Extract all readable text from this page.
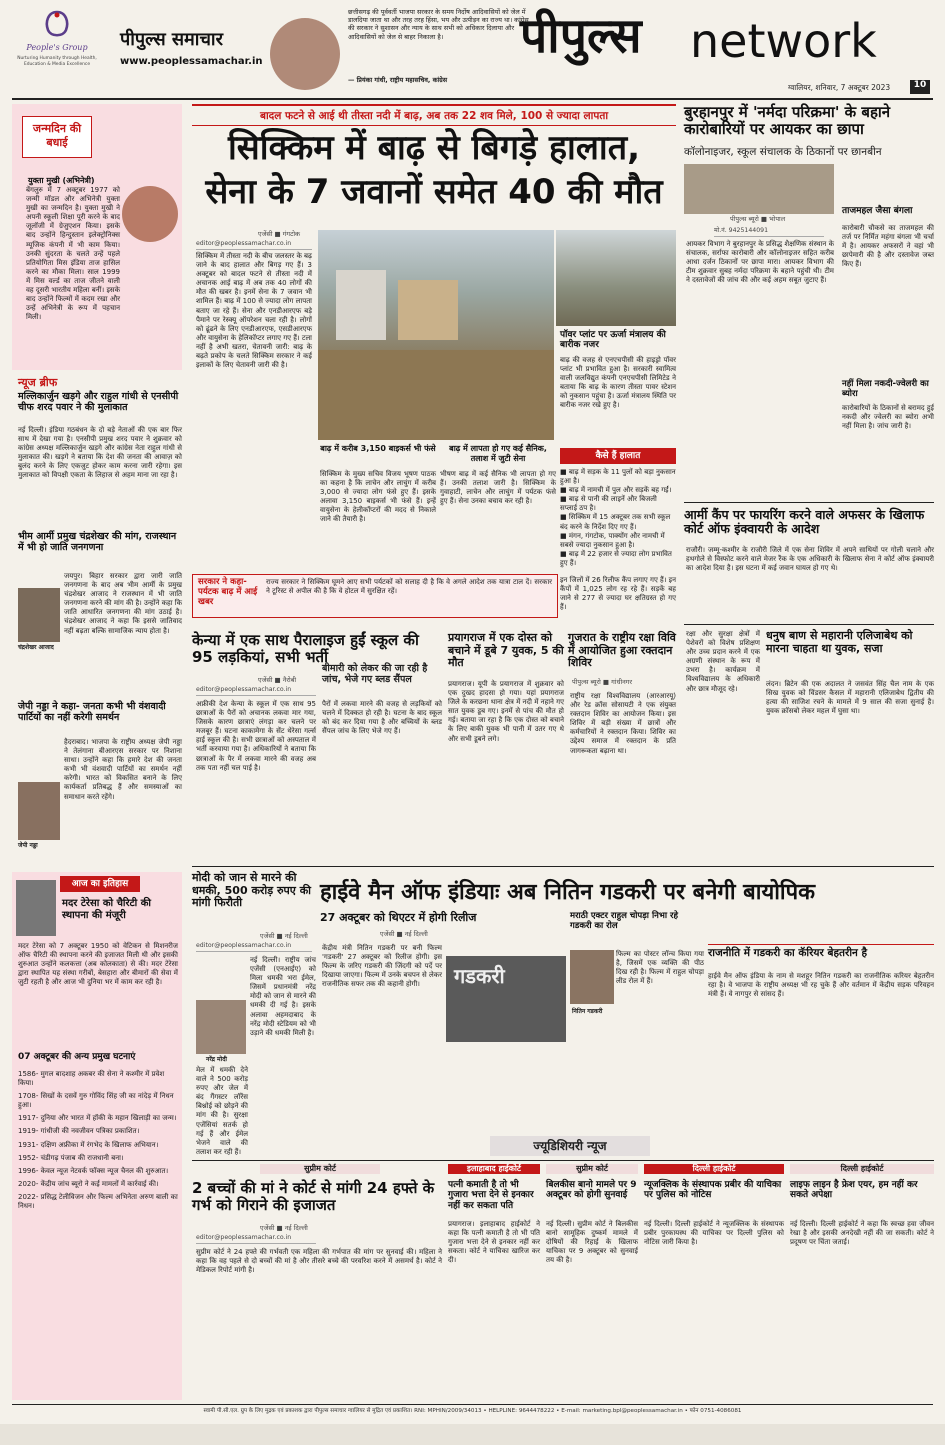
People's Group
Nurturing Humanity through Health, Education & Media Excellence
पीपुल्स समाचार
www.peoplessamachar.in
छत्तीसगढ़ की पूर्ववर्ती भाजपा सरकार के समय निर्दोष आदिवासियों को जेल में डालदिया जाता था और तरह तरह हिंसा, भय और उत्पीड़न का राज्य था। कांग्रेस की सरकार ने सुशासन और न्याय के साथ सभी को अधिकार दिलाया और आदिवासियों को जेल से बाहर निकाला है।
— प्रियंका गांधी, राष्ट्रीय महासचिव, कांग्रेस
पीपुल्स network
ग्वालियर, शनिवार, 7 अक्टूबर 2023	10
जन्मदिन की बधाई
युक्ता मुखी (अभिनेत्री)
बेंगलुरु में 7 अक्टूबर 1977 को जन्मी मॉडल और अभिनेत्री युक्ता मुखी का जन्मदिन है। युक्ता मुखी ने अपनी स्कूली शिक्षा पूरी करने के बाद जूलॉजी में ग्रेजुएशन किया। इसके बाद उन्होंने हिन्दुस्तान इलेक्ट्रोनिक्स म्यूजिक कंपनी में भी काम किया। उनकी सुंदरता के चलते उन्हें पहले प्रतियोगिता मिस इंडिया ताज हासिल करने का मौका मिला। साल 1999 में मिस वर्ल्ड का ताज जीतने वाली वह दूसरी भारतीय महिला बनीं। इसके बाद उन्होंने फिल्मों में कदम रखा और उन्हें अभिनेत्री के रूप में पहचान मिली।
न्यूज ब्रीफ
मल्लिकार्जुन खड़गे और राहुल गांधी से एनसीपी चीफ शरद पवार ने की मुलाकात
नई दिल्ली। इंडिया गठबंधन के दो बड़े नेताओं की एक बार फिर साथ में देखा गया है। एनसीपी प्रमुख शरद पवार ने शुक्रवार को कांग्रेस अध्यक्ष मल्लिकार्जुन खड़गे और कांग्रेस नेता राहुल गांधी से मुलाकात की। खड़गे ने बताया कि देश की जनता की आवाज़ को बुलंद करने के लिए एकजुट होकर काम करना जारी रहेगा। इस मुलाकात को विपक्षी एकता के लिहाज से अहम माना जा रहा है।
भीम आर्मी प्रमुख चंद्रशेखर की मांग, राजस्थान में भी हो जाति जनगणना
चंद्रशेखर आजाद
जयपुर। बिहार सरकार द्वारा जारी जाति जनगणना के बाद अब भीम आर्मी के प्रमुख चंद्रशेखर आजाद ने राजस्थान में भी जाति जनगणना करने की मांग की है। उन्होंने कहा कि जाति आधारित जनगणना की मांग उठाई है। चंद्रशेखर आजाद ने कहा कि इससे जातिवाद नहीं बढ़ता बल्कि सामाजिक न्याय होता है।
जेपी नड्डा ने कहा- जनता कभी भी वंशवादी पार्टियों का नहीं करेगी समर्थन
जेपी नड्डा
हैदराबाद। भाजपा के राष्ट्रीय अध्यक्ष जेपी नड्डा ने तेलंगाना बीआरएस सरकार पर निशाना साधा। उन्होंने कहा कि हमारे देश की जनता कभी भी वंशवादी पार्टियों का समर्थन नहीं करेगी। भारत को विकसित बनाने के लिए कार्यकर्ता प्रतिबद्ध हैं और समस्याओं का समाधान करते रहेंगे।
आज का इतिहास
मदर टेरेसा को चैरिटी की स्थापना की मंजूरी
मदर टेरेसा को 7 अक्टूबर 1950 को वेटिकन से मिशनरीज ऑफ चैरिटी की स्थापना करने की इजाजत मिली थी और इसकी शुरुआत उन्होंने कलकत्ता (अब कोलकाता) से की। मदर टेरेसा द्वारा स्थापित यह संस्था गरीबों, बेसहारा और बीमारों की सेवा में जुटी रहती है और आज भी दुनिया भर में काम कर रही है।
07 अक्टूबर की अन्य प्रमुख घटनाएं
1586- मुगल बादशाह अकबर की सेना ने कश्मीर में प्रवेश किया।
1708- सिखों के दसवें गुरु गोविंद सिंह जी का नांदेड़ में निधन हुआ।
1917- दुनिया और भारत में हॉकी के महान खिलाड़ी का जन्म।
1919- गांधीजी की नवजीवन पत्रिका प्रकाशित।
1931- दक्षिण अफ्रीका में रंगभेद के खिलाफ अभियान।
1952- चंडीगढ़ पंजाब की राजधानी बना।
1996- केवल न्यूज नेटवर्क फॉक्स न्यूज चैनल की शुरुआत।
2020- केंद्रीय जांच ब्यूरो ने कई मामलों में कार्रवाई की।
2022- प्रसिद्ध टेलीविजन और फिल्म अभिनेता अरुण बाली का निधन।
बादल फटने से आई थी तीस्ता नदी में बाढ़, अब तक 22 शव मिले, 100 से ज्यादा लापता
सिक्किम में बाढ़ से बिगड़े हालात,
सेना के 7 जवानों समेत 40 की मौत
एजेंसी ■ गंगटोक
editor@peoplessamachar.co.in
सिक्किम में तीस्ता नदी के बीच जलस्तर के बढ़ जाने के बाद हालात और बिगड़ गए हैं। 3 अक्टूबर को बादल फटने से तीस्ता नदी में अचानक आई बाढ़ में अब तक 40 लोगों की मौत की खबर है। इनमें सेना के 7 जवान भी शामिल हैं। बाढ़ में 100 से ज्यादा लोग लापता बताए जा रहे हैं। सेना और एनडीआरएफ बड़े पैमाने पर रेस्क्यू ऑपरेशन चला रही है। लोगों को ढूंढने के लिए एनडीआरएफ, एसडीआरएफ और वायुसेना के हेलिकॉप्टर लगाए गए हैं। टला नहीं है अभी खतरा, चेतावनी जारी: बाढ़ के बढ़ते प्रकोप के चलते सिक्किम सरकार ने कई इलाकों के लिए चेतावनी जारी की है।
बाढ़ में करीब 3,150 बाइकर्स भी फंसे	बाढ़ में लापता हो गए कई सैनिक, तलाश में जुटी सेना
सिक्किम के मुख्य सचिव विजय भूषण पाठक का कहना है कि लाचेन और लाचुंग में करीब 3,000 से ज्यादा लोग फंसे हुए हैं। इसके अलावा 3,150 बाइकर्स भी फंसे हैं। इन्हें वायुसेना के हेलीकॉप्टरों की मदद से निकाले जाने की तैयारी है।
भीषण बाढ़ में कई सैनिक भी लापता हो गए हैं। उनकी तलाश जारी है। सिक्किम के गुवाहाटी, लाचेन और लाचुंग में पर्यटक फंसे हुए हैं। सेना उनका बचाव कर रही है।
पॉवर प्लांट पर ऊर्जा मंत्रालय की बारीक नजर
बाढ़ की वजह से एनएचपीसी की हाइड्रो पॉवर प्लांट भी प्रभावित हुआ है। सरकारी स्वामित्व वाली जलविद्युत कंपनी एनएचपीसी लिमिटेड ने बताया कि बाढ़ के कारण तीस्ता पावर स्टेशन को नुकसान पहुंचा है। ऊर्जा मंत्रालय स्थिति पर बारीक नजर रखे हुए है।
कैसे हैं हालात
■ बाढ़ में सड़क के 11 पुलों को बड़ा नुकसान हुआ है।
■ बाढ़ में नामची में पुल और सड़कें बह गईं।
■ बाढ़ से पानी की लाइनें और बिजली सप्लाई ठप है।
■ सिक्किम में 15 अक्टूबर तक सभी स्कूल बंद करने के निर्देश दिए गए हैं।
■ मंगन, गंगटोक, पाक्योंग और नामची में सबसे ज्यादा नुकसान हुआ है।
■ बाढ़ में 22 हजार से ज्यादा लोग प्रभावित हुए हैं।
इन जिलों में 26 रिलीफ कैंप लगाए गए हैं। इन कैंपों में 1,025 लोग रह रहे हैं। सड़कें बह जाने से 277 से ज्यादा घर क्षतिग्रस्त हो गए हैं।
सरकार ने कहा- पर्यटक बाढ़ में आई खबर
राज्य सरकार ने सिक्किम घूमने आए सभी पर्यटकों को सलाह दी है कि वे अगले आदेश तक यात्रा टाल दें। सरकार ने टूरिस्ट से अपील की है कि वे होटल में सुरक्षित रहें।
बुरहानपुर में 'नर्मदा परिक्रमा' के बहाने कारोबारियों पर आयकर का छापा
कॉलोनाइजर, स्कूल संचालक के ठिकानों पर छानबीन
पीपुल्स ब्यूरो ■ भोपाल
मो.नं. 9425144091
आयकर विभाग ने बुरहानपुर के प्रसिद्ध शैक्षणिक संस्थान के संचालक, सर्राफा कारोबारी और कॉलोनाइजर सहित करीब आधा दर्जन ठिकानों पर छापा मारा। आयकर विभाग की टीम शुक्रवार सुबह नर्मदा परिक्रमा के बहाने पहुंची थी। टीम ने दस्तावेजों की जांच की और कई अहम सबूत जुटाए हैं।
ताजमहल जैसा बंगला
कारोबारी चौकसे का ताजमहल की तर्ज पर निर्मित महंगा बंगला भी चर्चा में है। आयकर अफसरों ने वहां भी छापेमारी की है और दस्तावेज जब्त किए हैं।
नहीं मिला नकदी-ज्वेलरी का ब्योरा
कारोबारियों के ठिकानों से बरामद हुई नकदी और ज्वेलरी का ब्योरा अभी नहीं मिला है। जांच जारी है।
आर्मी कैंप पर फायरिंग करने वाले अफसर के खिलाफ कोर्ट ऑफ इंक्वायरी के आदेश
राजौरी। जम्मू-कश्मीर के राजौरी जिले में एक सेना शिविर में अपने साथियों पर गोली चलाने और हथगोले से विस्फोट करने वाले मेजर रैंक के एक अधिकारी के खिलाफ सेना ने कोर्ट ऑफ इंक्वायरी का आदेश दिया है। इस घटना में कई जवान घायल हो गए थे।
केन्या में एक साथ पैरालाइज हुईं स्कूल की 95 लड़कियां, सभी भर्ती
एजेंसी ■ नैरोबी
editor@peoplessamachar.co.in
अफ्रीकी देश केन्या के स्कूल में एक साथ 95 छात्राओं के पैरों को अचानक लकवा मार गया, जिसके कारण छात्राएं लंगड़ा कर चलने पर मजबूर हैं। घटना काकामेगा के सेंट थेरेसा गर्ल्स हाई स्कूल की है। सभी छात्राओं को अस्पताल में भर्ती करवाया गया है। अधिकारियों ने बताया कि छात्राओं के पैर में लकवा मारने की वजह अब तक पता नहीं चल पाई है।
बीमारी को लेकर की जा रही है जांच, भेजे गए ब्लड सैंपल
पैरों में लकवा मारने की वजह से लड़कियों को चलने में दिक्कत हो रही है। घटना के बाद स्कूल को बंद कर दिया गया है और बच्चियों के ब्लड सैंपल जांच के लिए भेजे गए हैं।
प्रयागराज में एक दोस्त को बचाने में डूबे 7 युवक, 5 की मौत
प्रयागराज। यूपी के प्रयागराज में शुक्रवार को एक दुखद हादसा हो गया। यहां प्रयागराज जिले के करछना थाना क्षेत्र में नदी में नहाने गए सात युवक डूब गए। इनमें से पांच की मौत हो गई। बताया जा रहा है कि एक दोस्त को बचाने के लिए बाकी युवक भी पानी में उतर गए थे और सभी डूबने लगे।
गुजरात के राष्ट्रीय रक्षा विवि में आयोजित हुआ रक्तदान शिविर
पीपुल्स ब्यूरो ■ गांधीनगर
राष्ट्रीय रक्षा विश्वविद्यालय (आरआरयू) और रेड क्रॉस सोसायटी ने एक संयुक्त रक्तदान शिविर का आयोजन किया। इस शिविर में बड़ी संख्या में छात्रों और कर्मचारियों ने रक्तदान किया। शिविर का उद्देश्य समाज में रक्तदान के प्रति जागरूकता बढ़ाना था।
रक्षा और सुरक्षा क्षेत्रों में पेशेवरों को विशेष प्रशिक्षण और उच्च प्रदान करने में एक अग्रणी संस्थान के रूप में उभरा है। कार्यक्रम में विश्वविद्यालय के अधिकारी और छात्र मौजूद रहे।
धनुष बाण से महारानी एलिजाबेथ को मारना चाहता था युवक, सजा
लंदन। ब्रिटेन की एक अदालत ने जसवंत सिंह चैल नाम के एक सिख युवक को विंडसर कैसल में महारानी एलिजाबेथ द्वितीय की हत्या की साजिश रचने के मामले में 9 साल की सजा सुनाई है। युवक क्रॉसबो लेकर महल में घुसा था।
मोदी को जान से मारने की धमकी, 500 करोड़ रुपए की मांगी फिरौती
एजेंसी ■ नई दिल्ली
editor@peoplessamachar.co.in
नरेंद्र मोदी
नई दिल्ली। राष्ट्रीय जांच एजेंसी (एनआईए) को मिला धमकी भरा ईमेल, जिसमें प्रधानमंत्री नरेंद्र मोदी को जान से मारने की धमकी दी गई है। इसके अलावा अहमदाबाद के नरेंद्र मोदी स्टेडियम को भी उड़ाने की धमकी मिली है।
मेल में धमकी देने वाले ने 500 करोड़ रुपए और जेल में बंद गैंगस्टर लॉरेंस बिश्नोई को छोड़ने की मांग की है। सुरक्षा एजेंसियां सतर्क हो गई हैं और ईमेल भेजने वाले की तलाश कर रही हैं।
हाईवे मैन ऑफ इंडियाः अब नितिन गडकरी पर बनेगी बायोपिक
27 अक्टूबर को थिएटर में होगी रिलीज
एजेंसी ■ नई दिल्ली
गडकरी
केंद्रीय मंत्री नितिन गडकरी पर बनी फिल्म 'गडकरी' 27 अक्टूबर को रिलीज होगी। इस फिल्म के जरिए गडकरी की जिंदगी को पर्दे पर दिखाया जाएगा। फिल्म में उनके बचपन से लेकर राजनीतिक सफर तक की कहानी होगी।
मराठी एक्टर राहुल चोपड़ा निभा रहे गडकरी का रोल
नितिन गडकरी
फिल्म का पोस्टर लॉन्च किया गया है, जिसमें एक व्यक्ति की पीठ दिख रही है। फिल्म में राहुल चोपड़ा लीड रोल में हैं।
राजनीति में गडकरी का कॅरियर बेहतरीन है
हाईवे मैन ऑफ इंडिया के नाम से मशहूर नितिन गडकरी का राजनीतिक करियर बेहतरीन रहा है। वे भाजपा के राष्ट्रीय अध्यक्ष भी रह चुके हैं और वर्तमान में केंद्रीय सड़क परिवहन मंत्री हैं। वे नागपुर से सांसद हैं।
ज्यूडिशियरी न्यूज
सुप्रीम कोर्ट
2 बच्चों की मां ने कोर्ट से मांगी 24 हफ्ते के गर्भ को गिराने की इजाजत
एजेंसी ■ नई दिल्ली
editor@peoplessamachar.co.in
सुप्रीम कोर्ट ने 24 हफ्ते की गर्भवती एक महिला की गर्भपात की मांग पर सुनवाई की। महिला ने कहा कि वह पहले से दो बच्चों की मां है और तीसरे बच्चे की परवरिश करने में असमर्थ है। कोर्ट ने मेडिकल रिपोर्ट मांगी है।
इलाहाबाद हाईकोर्ट
पत्नी कमाती है तो भी गुजारा भत्ता देने से इनकार नहीं कर सकता पति
प्रयागराज। इलाहाबाद हाईकोर्ट ने कहा कि पत्नी कमाती है तो भी पति गुजारा भत्ता देने से इनकार नहीं कर सकता। कोर्ट ने याचिका खारिज कर दी।
सुप्रीम कोर्ट
बिलकीस बानो मामले पर 9 अक्टूबर को होगी सुनवाई
नई दिल्ली। सुप्रीम कोर्ट ने बिलकीस बानो सामूहिक दुष्कर्म मामले में दोषियों की रिहाई के खिलाफ याचिका पर 9 अक्टूबर को सुनवाई तय की है।
दिल्ली हाईकोर्ट
न्यूजक्लिक के संस्थापक प्रबीर की याचिका पर पुलिस को नोटिस
नई दिल्ली। दिल्ली हाईकोर्ट ने न्यूजक्लिक के संस्थापक प्रबीर पुरकायस्थ की याचिका पर दिल्ली पुलिस को नोटिस जारी किया है।
दिल्ली हाईकोर्ट
लाइफ लाइन है फ्रेश एयर, हम नहीं कर सकते अपेक्षा
नई दिल्ली। दिल्ली हाईकोर्ट ने कहा कि स्वच्छ हवा जीवन रेखा है और इसकी अनदेखी नहीं की जा सकती। कोर्ट ने प्रदूषण पर चिंता जताई।
स्वामी पी.सी.एल. ग्रुप के लिए मुद्रक एवं प्रकाशक द्वारा पीपुल्स समाचार ग्वालियर से मुद्रित एवं प्रकाशित। RNI: MPHIN/2009/34013 • HELPLINE: 9644478222 • E-mail: marketing.bpl@peoplessamachar.in • फोन 0751-4086081
